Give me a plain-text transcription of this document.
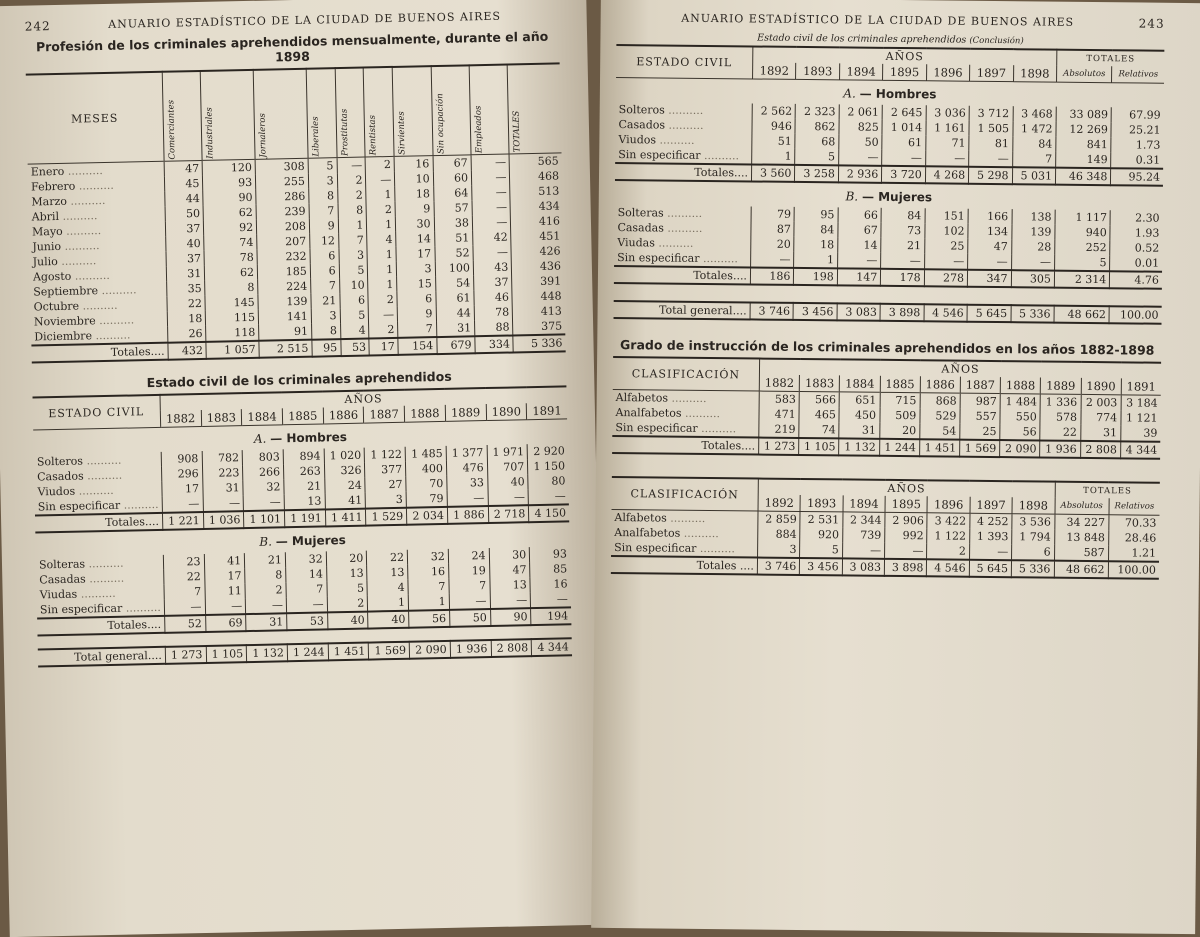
242	ANUARIO ESTADÍSTICO DE LA CIUDAD DE BUENOS AIRES
Profesión de los criminales aprehendidos mensualmente, durante el año 1898
MESES	Comerciantes	Industriales	Jornaleros	Liberales	Prostitutas	Rentistas	Sirvientes	Sin ocupación	Empleados	TOTALES

Enero ..........	47	120	308	5	—	2	16	67	—	565
Febrero ..........	45	93	255	3	2	—	10	60	—	468
Marzo ..........	44	90	286	8	2	1	18	64	—	513
Abril ..........	50	62	239	7	8	2	9	57	—	434
Mayo ..........	37	92	208	9	1	1	30	38	—	416
Junio ..........	40	74	207	12	7	4	14	51	42	451
Julio ..........	37	78	232	6	3	1	17	52	—	426
Agosto ..........	31	62	185	6	5	1	3	100	43	436
Septiembre ..........	35	8	224	7	10	1	15	54	37	391
Octubre ..........	22	145	139	21	6	2	6	61	46	448
Noviembre ..........	18	115	141	3	5	—	9	44	78	413
Diciembre ..........	26	118	91	8	4	2	7	31	88	375
Totales....	432	1 057	2 515	95	53	17	154	679	334	5 336
Estado civil de los criminales aprehendidos
ESTADO CIVIL	AÑOS									
	1882	1883	1884	1885	1886	1887	1888	1889	1890	1891
A. — Hombres										
Solteros ..........	908	782	803	894	1 020	1 122	1 485	1 377	1 971	2 920
Casados ..........	296	223	266	263	326	377	400	476	707	1 150
Viudos ..........	17	31	32	21	24	27	70	33	40	80
Sin especificar ..........	—	—	—	13	41	3	79	—	—	—
Totales....	1 221	1 036	1 101	1 191	1 411	1 529	2 034	1 886	2 718	4 150
B. — Mujeres										
Solteras ..........	23	41	21	32	20	22	32	24	30	93
Casadas ..........	22	17	8	14	13	13	16	19	47	85
Viudas ..........	7	11	2	7	5	4	7	7	13	16
Sin especificar ..........	—	—	—	—	2	1	1	—	—	—
Totales....	52	69	31	53	40	40	56	50	90	194

Total general....	1 273	1 105	1 132	1 244	1 451	1 569	2 090	1 936	2 808	4 344
ANUARIO ESTADÍSTICO DE LA CIUDAD DE BUENOS AIRES	243
Estado civil de los criminales aprehendidos (Conclusión)
ESTADO CIVIL	AÑOS							TOTALES	
	1892	1893	1894	1895	1896	1897	1898	Absolutos	Relativos
A. — Hombres									
Solteros ..........	2 562	2 323	2 061	2 645	3 036	3 712	3 468	33 089	67.99
Casados ..........	946	862	825	1 014	1 161	1 505	1 472	12 269	25.21
Viudos ..........	51	68	50	61	71	81	84	841	1.73
Sin especificar ..........	1	5	—	—	—	—	7	149	0.31
Totales....	3 560	3 258	2 936	3 720	4 268	5 298	5 031	46 348	95.24
B. — Mujeres									
Solteras ..........	79	95	66	84	151	166	138	1 117	2.30
Casadas ..........	87	84	67	73	102	134	139	940	1.93
Viudas ..........	20	18	14	21	25	47	28	252	0.52
Sin especificar ..........	—	1	—	—	—	—	—	5	0.01
Totales....	186	198	147	178	278	347	305	2 314	4.76

Total general....	3 746	3 456	3 083	3 898	4 546	5 645	5 336	48 662	100.00
Grado de instrucción de los criminales aprehendidos en los años 1882-1898
CLASIFICACIÓN	AÑOS									
	1882	1883	1884	1885	1886	1887	1888	1889	1890	1891
Alfabetos ..........	583	566	651	715	868	987	1 484	1 336	2 003	3 184
Analfabetos ..........	471	465	450	509	529	557	550	578	774	1 121
Sin especificar ..........	219	74	31	20	54	25	56	22	31	39
Totales....	1 273	1 105	1 132	1 244	1 451	1 569	2 090	1 936	2 808	4 344
CLASIFICACIÓN	AÑOS							TOTALES	
	1892	1893	1894	1895	1896	1897	1898	Absolutos	Relativos
Alfabetos ..........	2 859	2 531	2 344	2 906	3 422	4 252	3 536	34 227	70.33
Analfabetos ..........	884	920	739	992	1 122	1 393	1 794	13 848	28.46
Sin especificar ..........	3	5	—	—	2	—	6	587	1.21
Totales ....	3 746	3 456	3 083	3 898	4 546	5 645	5 336	48 662	100.00
